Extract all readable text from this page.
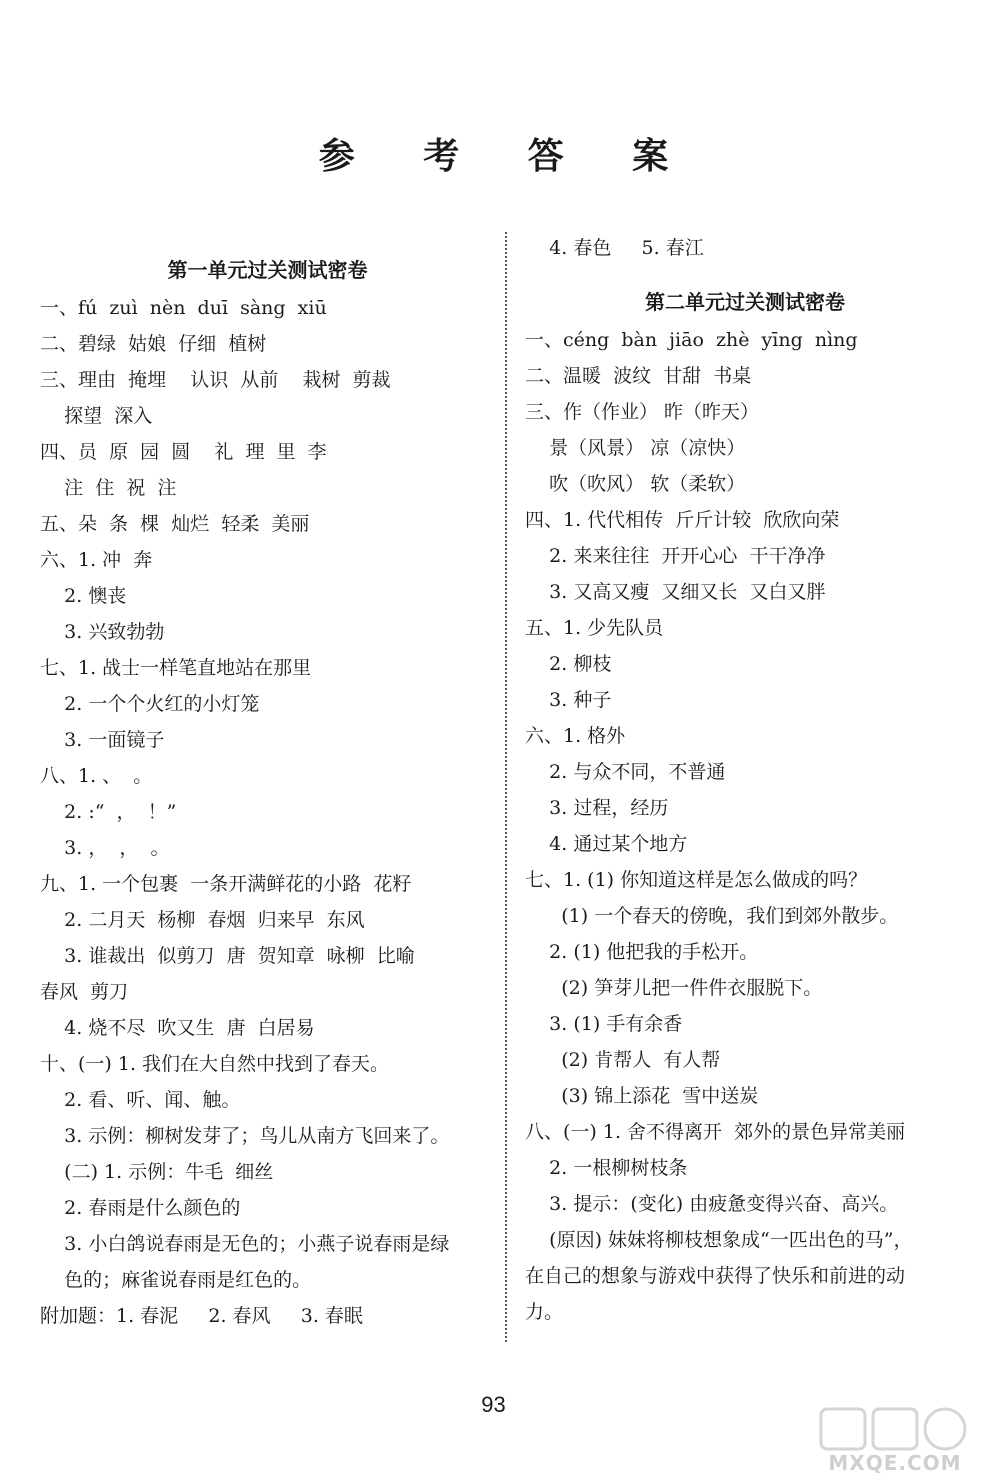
参 考 答 案
第一单元过关测试密卷
一、fú  zuì  nèn  duī  sàng  xiū
二、碧绿  姑娘  仔细  植树
三、理由  掩埋    认识  从前    栽树  剪裁
探望  深入
四、员  原  园  圆    礼  理  里  李
注  住  祝  注
五、朵  条  棵  灿烂  轻柔  美丽
六、1. 冲  奔
2. 懊丧
3. 兴致勃勃
七、1. 战士一样笔直地站在那里
2. 一个个火红的小灯笼
3. 一面镜子
八、1. 、  。
2. :“  ，  ！”
3. ，  ，  。
九、1. 一个包裹  一条开满鲜花的小路  花籽
2. 二月天  杨柳  春烟  归来早  东风
3. 谁裁出  似剪刀  唐  贺知章  咏柳  比喻
春风  剪刀
4. 烧不尽  吹又生  唐  白居易
十、(一) 1. 我们在大自然中找到了春天。
2. 看、听、闻、触。
3. 示例：柳树发芽了；鸟儿从南方飞回来了。
(二) 1. 示例：牛毛  细丝
2. 春雨是什么颜色的
3. 小白鸽说春雨是无色的；小燕子说春雨是绿
色的；麻雀说春雨是红色的。
附加题：1. 春泥     2. 春风     3. 春眠
4. 春色     5. 春江
第二单元过关测试密卷
一、céng  bàn  jiāo  zhè  yīng  nìng
二、温暖  波纹  甘甜  书桌
三、作（作业） 昨（昨天）
景（风景） 凉（凉快）
吹（吹风） 软（柔软）
四、1. 代代相传  斤斤计较  欣欣向荣
2. 来来往往  开开心心  干干净净
3. 又高又瘦  又细又长  又白又胖
五、1. 少先队员
2. 柳枝
3. 种子
六、1. 格外
2. 与众不同，不普通
3. 过程，经历
4. 通过某个地方
七、1. (1) 你知道这样是怎么做成的吗？
(1) 一个春天的傍晚，我们到郊外散步。
2. (1) 他把我的手松开。
(2) 笋芽儿把一件件衣服脱下。
3. (1) 手有余香
(2) 肯帮人  有人帮
(3) 锦上添花  雪中送炭
八、(一) 1. 舍不得离开  郊外的景色异常美丽
2. 一根柳树枝条
3. 提示：(变化) 由疲惫变得兴奋、高兴。
(原因) 妹妹将柳枝想象成“一匹出色的马”，
在自己的想象与游戏中获得了快乐和前进的动
力。
93
MXQE.COM
